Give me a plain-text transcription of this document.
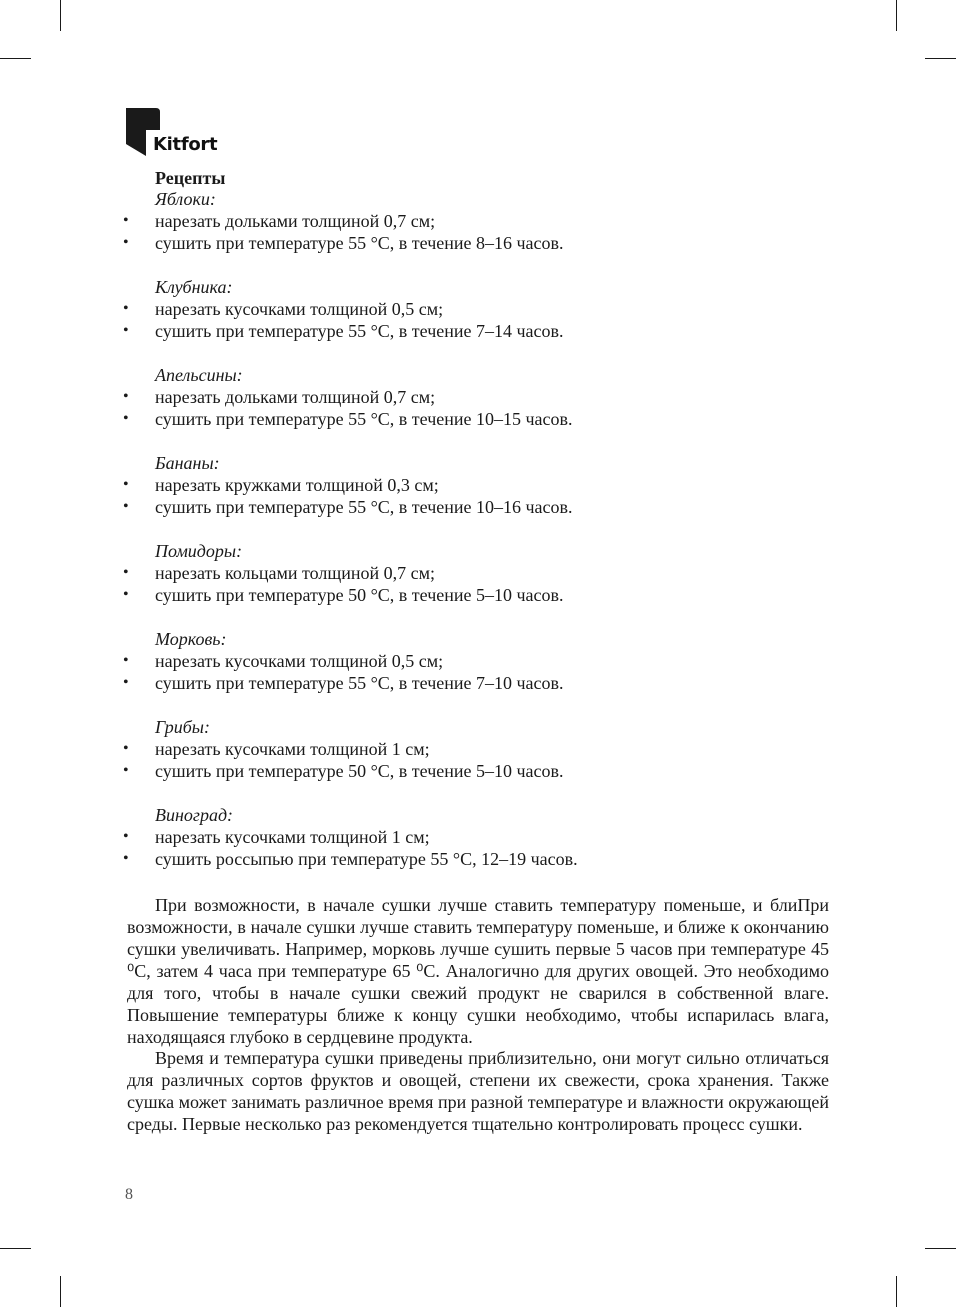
Kitfort
Рецепты
Яблоки:
• нарезать дольками толщиной 0,7 см;
• сушить при температуре 55 °С, в течение 8–16 часов.
Клубника:
• нарезать кусочками толщиной 0,5 см;
• сушить при температуре 55 °С, в течение 7–14 часов.
Апельсины:
• нарезать дольками толщиной 0,7 см;
• сушить при температуре 55 °С, в течение 10–15 часов.
Бананы:
• нарезать кружками толщиной 0,3 см;
• сушить при температуре 55 °С, в течение 10–16 часов.
Помидоры:
• нарезать кольцами толщиной 0,7 см;
• сушить при температуре 50 °С, в течение 5–10 часов.
Морковь:
• нарезать кусочками толщиной 0,5 см;
• сушить при температуре 55 °С, в течение 7–10 часов.
Грибы:
• нарезать кусочками толщиной 1 см;
• сушить при температуре 50 °С, в течение 5–10 часов.
Виноград:
• нарезать кусочками толщиной 1 см;
• сушить россыпью при температуре 55 °С, 12–19 часов.
При возможности, в начале сушки лучше ставить температуру поменьше, и блиПри возможности, в начале сушки лучше ставить температуру поменьше, и ближе к окончанию сушки увеличивать. Например, морковь лучше сушить первые 5 часов при температуре 45 ⁰С, затем 4 часа при температуре 65 ⁰С. Аналогично для других овощей. Это необходимо для того, чтобы в начале сушки свежий продукт не сварился в собственной влаге. Повышение температуры ближе к концу сушки необходимо, чтобы испарилась влага, находящаяся глубоко в сердцевине продукта.
Время и температура сушки приведены приблизительно, они могут сильно отличаться для различных сортов фруктов и овощей, степени их свежести, срока хранения. Также сушка может занимать различное время при разной температуре и влажности окружающей среды. Первые несколько раз рекомендуется тщательно контролировать процесс сушки.
8
